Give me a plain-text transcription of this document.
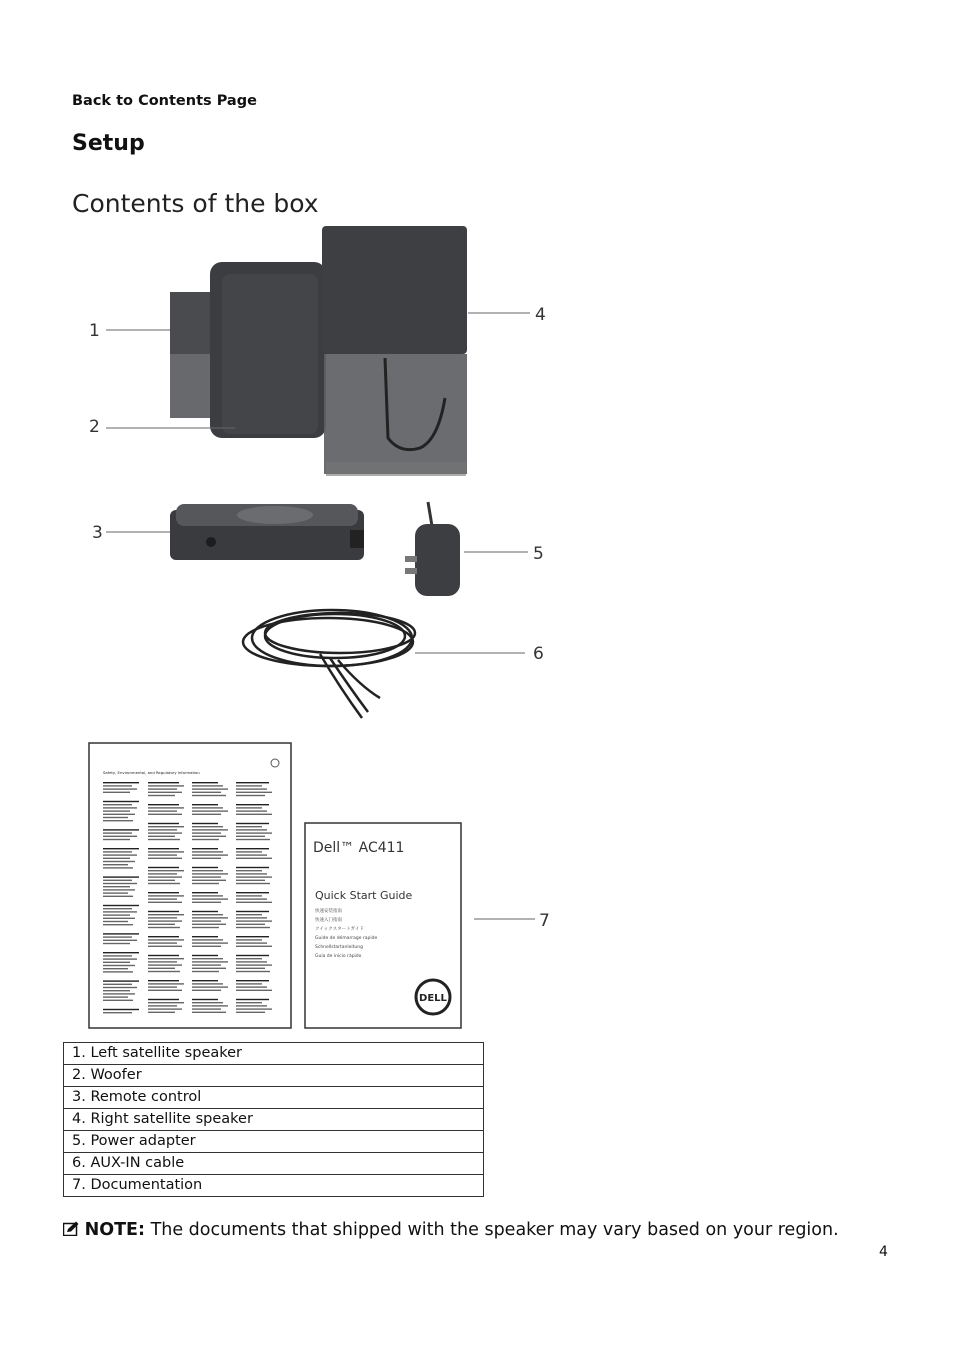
Back to Contents Page
Setup
Contents of the box
Safety, Environmental, and Regulatory Information
Dell™ AC411
Quick Start Guide
快速安装指南
快速入门指南
クイックスタートガイド
Guide de démarrage rapide
Schnellstartanleitung
Guía de inicio rápido
DELL
1
2
3
4
5
6
7
1. Left satellite speaker
2. Woofer
3. Remote control
4. Right satellite speaker
5. Power adapter
6. AUX-IN cable
7. Documentation
NOTE: The documents that shipped with the speaker may vary based on your region.
4
